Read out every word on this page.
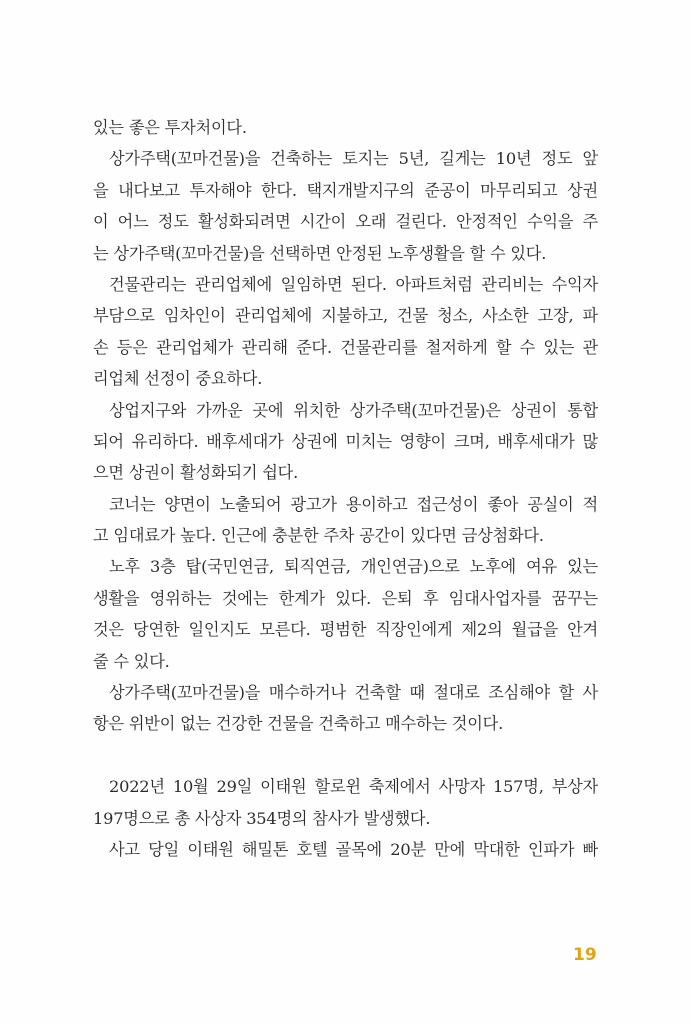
있는 좋은 투자처이다.
상가주택(꼬마건물)을 건축하는 토지는 5년, 길게는 10년 정도 앞
을 내다보고 투자해야 한다. 택지개발지구의 준공이 마무리되고 상권
이 어느 정도 활성화되려면 시간이 오래 걸린다. 안정적인 수익을 주
는 상가주택(꼬마건물)을 선택하면 안정된 노후생활을 할 수 있다.
건물관리는 관리업체에 일임하면 된다. 아파트처럼 관리비는 수익자
부담으로 임차인이 관리업체에 지불하고, 건물 청소, 사소한 고장, 파
손 등은 관리업체가 관리해 준다. 건물관리를 철저하게 할 수 있는 관
리업체 선정이 중요하다.
상업지구와 가까운 곳에 위치한 상가주택(꼬마건물)은 상권이 통합
되어 유리하다. 배후세대가 상권에 미치는 영향이 크며, 배후세대가 많
으면 상권이 활성화되기 쉽다.
코너는 양면이 노출되어 광고가 용이하고 접근성이 좋아 공실이 적
고 임대료가 높다. 인근에 충분한 주차 공간이 있다면 금상첨화다.
노후 3층 탑(국민연금, 퇴직연금, 개인연금)으로 노후에 여유 있는
생활을 영위하는 것에는 한계가 있다. 은퇴 후 임대사업자를 꿈꾸는
것은 당연한 일인지도 모른다. 평범한 직장인에게 제2의 월급을 안겨
줄 수 있다.
상가주택(꼬마건물)을 매수하거나 건축할 때 절대로 조심해야 할 사
항은 위반이 없는 건강한 건물을 건축하고 매수하는 것이다.
2022년 10월 29일 이태원 할로윈 축제에서 사망자 157명, 부상자
197명으로 총 사상자 354명의 참사가 발생했다.
사고 당일 이태원 해밀톤 호텔 골목에 20분 만에 막대한 인파가 빠
19
